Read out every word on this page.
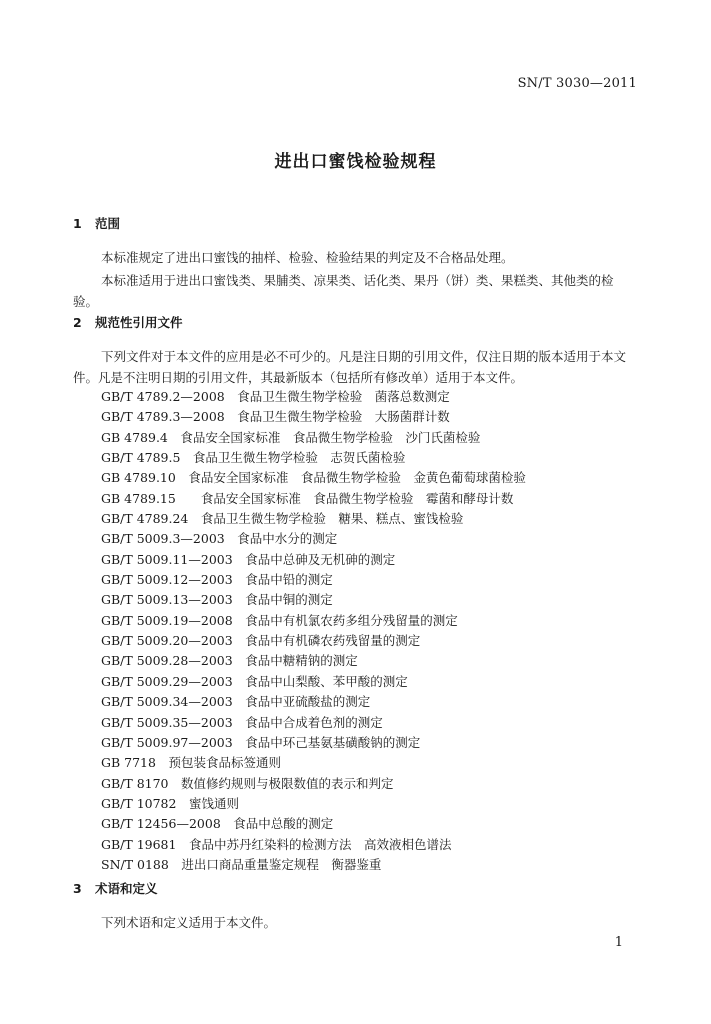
SN/T 3030—2011
进出口蜜饯检验规程
1 范围
本标准规定了进出口蜜饯的抽样、检验、检验结果的判定及不合格品处理。
本标准适用于进出口蜜饯类、果脯类、凉果类、话化类、果丹（饼）类、果糕类、其他类的检验。
2 规范性引用文件
下列文件对于本文件的应用是必不可少的。凡是注日期的引用文件，仅注日期的版本适用于本文件。凡是不注明日期的引用文件，其最新版本（包括所有修改单）适用于本文件。
GB/T 4789.2—2008　食品卫生微生物学检验　菌落总数测定
GB/T 4789.3—2008　食品卫生微生物学检验　大肠菌群计数
GB 4789.4　食品安全国家标准　食品微生物学检验　沙门氏菌检验
GB/T 4789.5　食品卫生微生物学检验　志贺氏菌检验
GB 4789.10　食品安全国家标准　食品微生物学检验　金黄色葡萄球菌检验
GB 4789.15　　食品安全国家标准　食品微生物学检验　霉菌和酵母计数
GB/T 4789.24　食品卫生微生物学检验　糖果、糕点、蜜饯检验
GB/T 5009.3—2003　食品中水分的测定
GB/T 5009.11—2003　食品中总砷及无机砷的测定
GB/T 5009.12—2003　食品中铅的测定
GB/T 5009.13—2003　食品中铜的测定
GB/T 5009.19—2008　食品中有机氯农药多组分残留量的测定
GB/T 5009.20—2003　食品中有机磷农药残留量的测定
GB/T 5009.28—2003　食品中糖精钠的测定
GB/T 5009.29—2003　食品中山梨酸、苯甲酸的测定
GB/T 5009.34—2003　食品中亚硫酸盐的测定
GB/T 5009.35—2003　食品中合成着色剂的测定
GB/T 5009.97—2003　食品中环己基氨基磺酸钠的测定
GB 7718　预包装食品标签通则
GB/T 8170　数值修约规则与极限数值的表示和判定
GB/T 10782　蜜饯通则
GB/T 12456—2008　食品中总酸的测定
GB/T 19681　食品中苏丹红染料的检测方法　高效液相色谱法
SN/T 0188　进出口商品重量鉴定规程　衡器鉴重
3 术语和定义
下列术语和定义适用于本文件。
1
